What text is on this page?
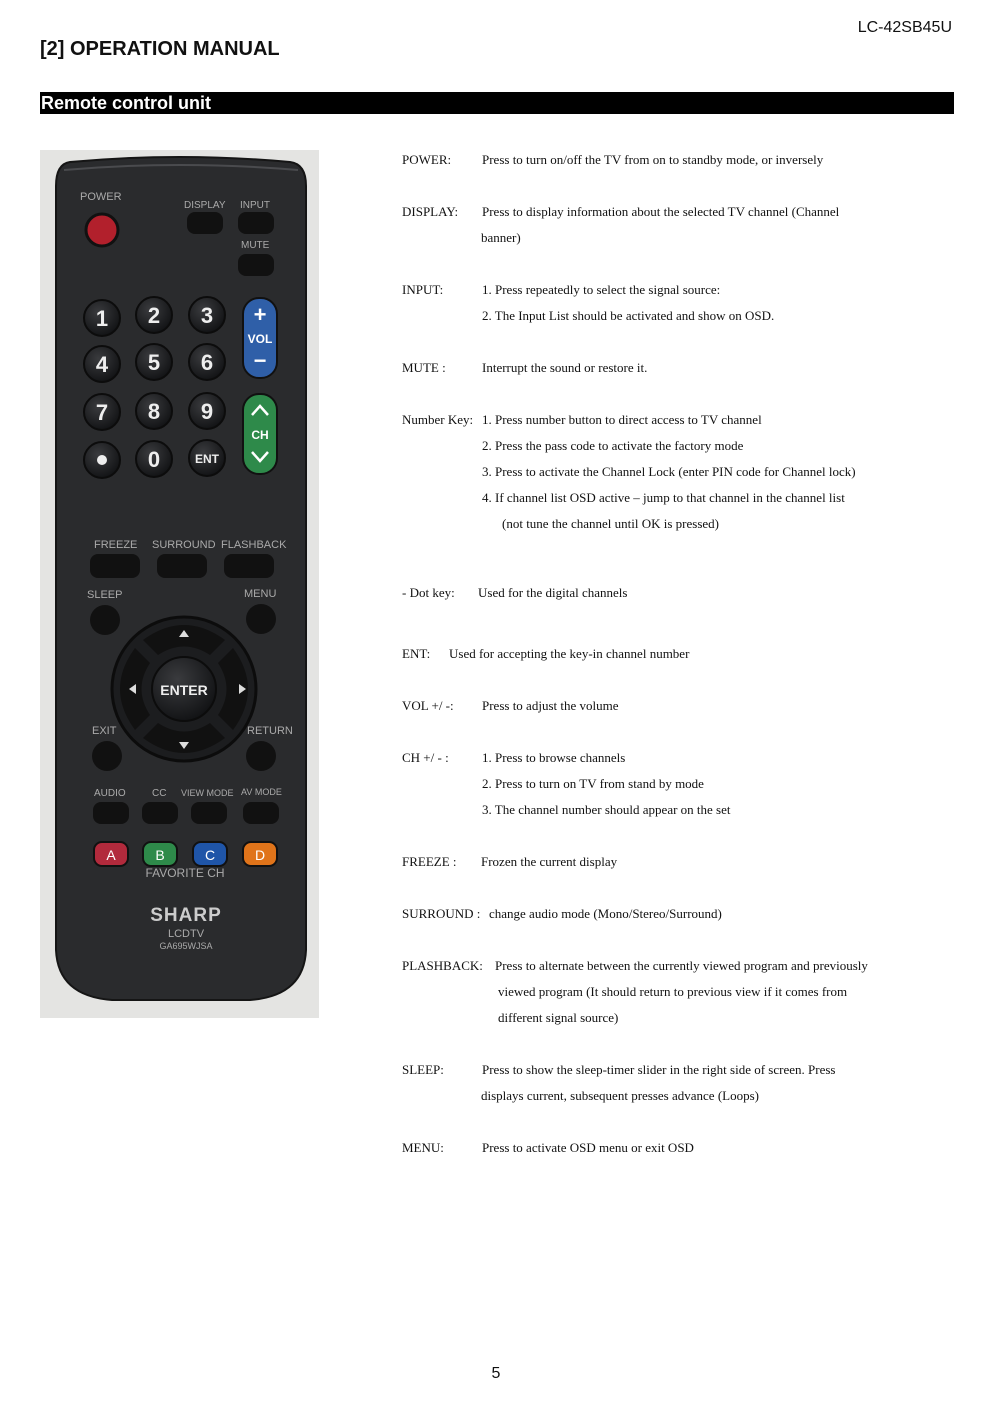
LC-42SB45U
[2] OPERATION MANUAL
Remote control unit
POWER
DISPLAY INPUT
MUTE
1 2 3
4 5 6
7 8 9
0	ENT
+
VOL
−
CH
FREEZE SURROUND FLASHBACK
SLEEP	MENU
ENTER
EXIT	RETURN
AUDIO	CC VIEW MODE AV MODE
A	B	C	D
FAVORITE CH
SHARP
LCDTV
GA695WJSA
POWER: Press to turn on/off the TV from on to standby mode, or inversely
DISPLAY: Press to display information about the selected TV channel (Channel
banner)
INPUT:	1. Press repeatedly to select the signal source:
2. The Input List should be activated and show on OSD.
MUTE :	Interrupt the sound or restore it.
Number Key: 1. Press number button to direct access to TV channel
2. Press the pass code to activate the factory mode
3. Press to activate the Channel Lock (enter PIN code for Channel lock)
4. If channel list OSD active – jump to that channel in the channel list
(not tune the channel until OK is pressed)
- Dot key: Used for the digital channels
ENT: Used for accepting the key-in channel number
VOL +/ -: Press to adjust the volume
CH +/ - :	1. Press to browse channels
2. Press to turn on TV from stand by mode
3. The channel number should appear on the set
FREEZE : Frozen the current display
SURROUND : change audio mode (Mono/Stereo/Surround)
PLASHBACK: Press to alternate between the currently viewed program and previously
viewed program (It should return to previous view if it comes from
different signal source)
SLEEP:	Press to show the sleep-timer slider in the right side of screen. Press
displays current, subsequent presses advance (Loops)
MENU:	Press to activate OSD menu or exit OSD
5
